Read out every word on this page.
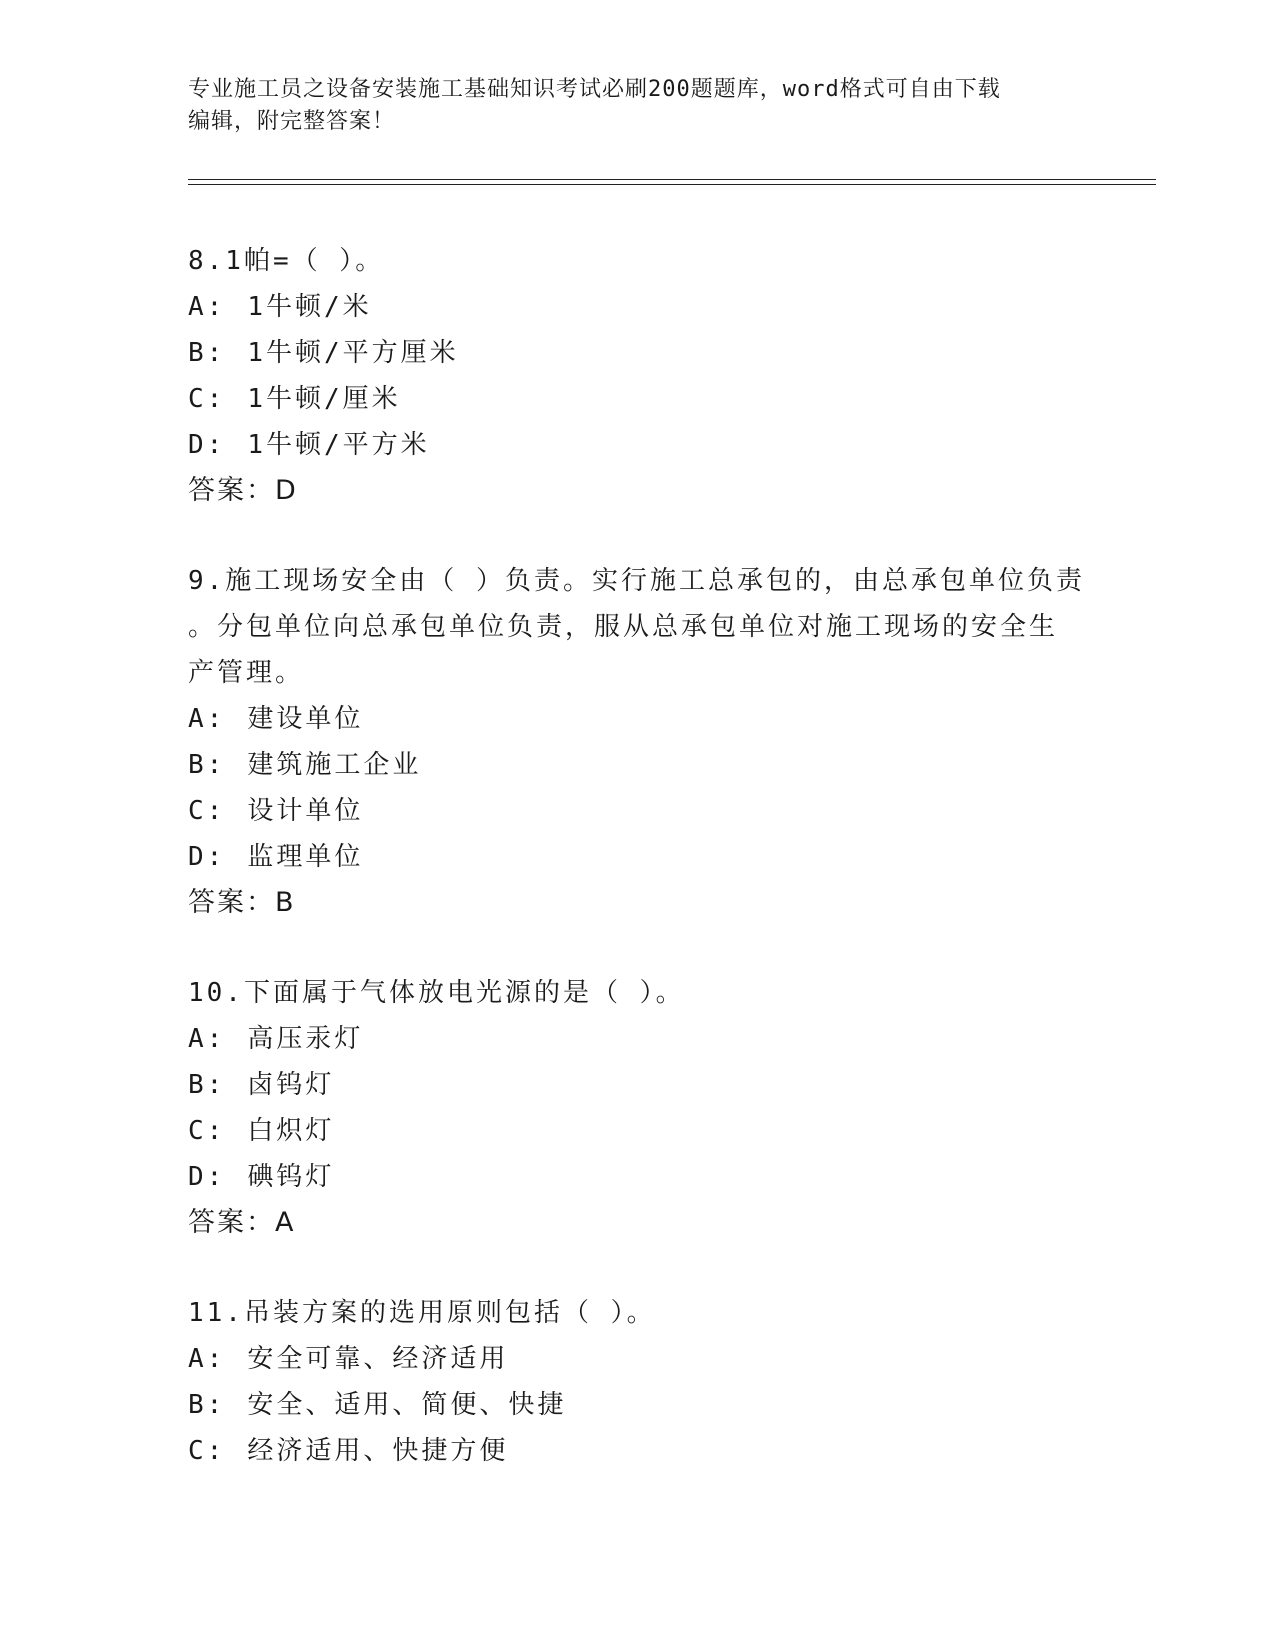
专业施工员之设备安装施工基础知识考试必刷200题题库，word格式可自由下载
编辑，附完整答案！
8.1帕=（ ）。
A: 1牛顿/米
B: 1牛顿/平方厘米
C: 1牛顿/厘米
D: 1牛顿/平方米
答案：D
9.施工现场安全由（ ）负责。实行施工总承包的，由总承包单位负责
。分包单位向总承包单位负责，服从总承包单位对施工现场的安全生
产管理。
A: 建设单位
B: 建筑施工企业
C: 设计单位
D: 监理单位
答案：B
10.下面属于气体放电光源的是（ ）。
A: 高压汞灯
B: 卤钨灯
C: 白炽灯
D: 碘钨灯
答案：A
11.吊装方案的选用原则包括（ ）。
A: 安全可靠、经济适用
B: 安全、适用、简便、快捷
C: 经济适用、快捷方便
